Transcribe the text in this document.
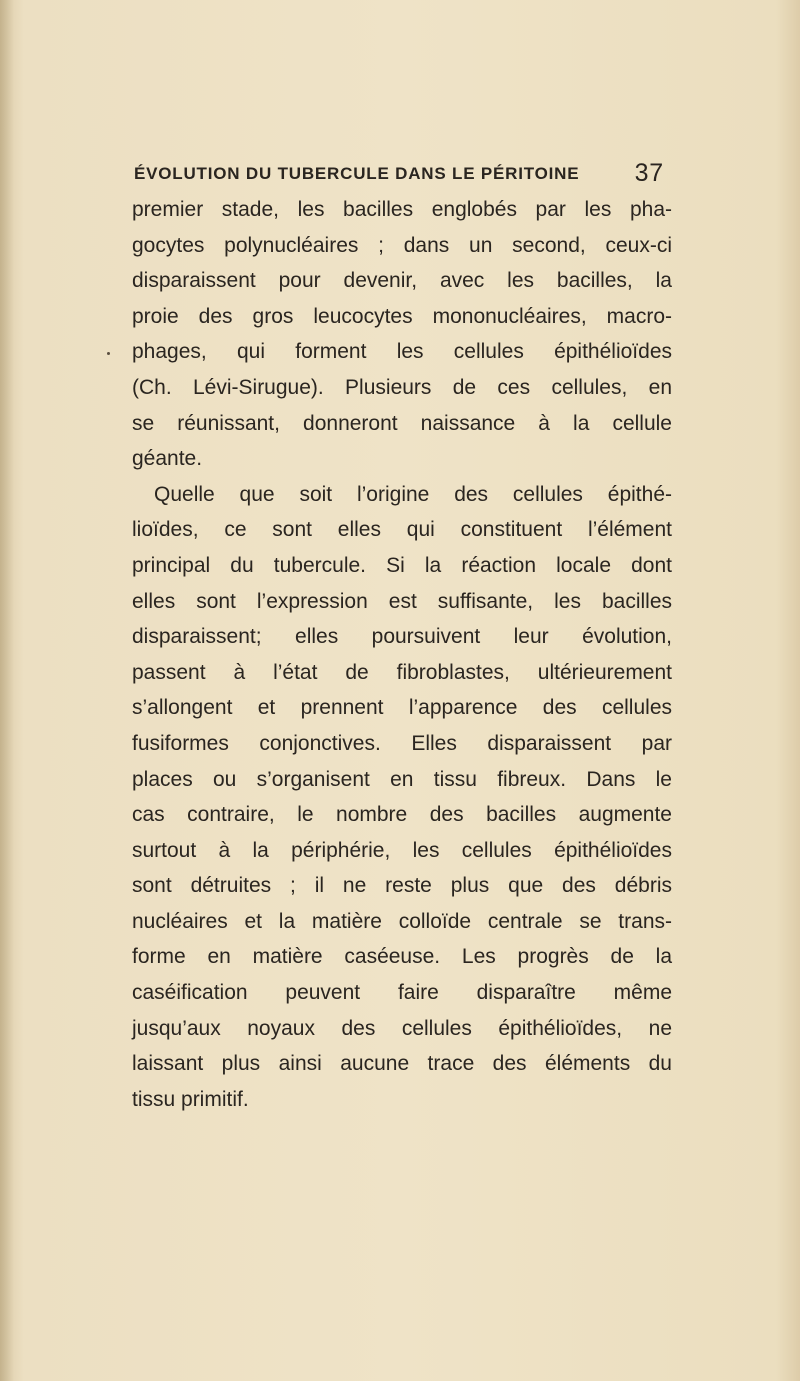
ÉVOLUTION DU TUBERCULE DANS LE PÉRITOINE 37
premier stade, les bacilles englobés par les pha-
gocytes polynucléaires ; dans un second, ceux-ci
disparaissent pour devenir, avec les bacilles, la
proie des gros leucocytes mononucléaires, macro-
phages, qui forment les cellules épithélioïdes
(Ch. Lévi-Sirugue). Plusieurs de ces cellules, en
se réunissant, donneront naissance à la cellule
géante.
Quelle que soit l’origine des cellules épithé-
lioïdes, ce sont elles qui constituent l’élément
principal du tubercule. Si la réaction locale dont
elles sont l’expression est suffisante, les bacilles
disparaissent; elles poursuivent leur évolution,
passent à l’état de fibroblastes, ultérieurement
s’allongent et prennent l’apparence des cellules
fusiformes conjonctives. Elles disparaissent par
places ou s’organisent en tissu fibreux. Dans le
cas contraire, le nombre des bacilles augmente
surtout à la périphérie, les cellules épithélioïdes
sont détruites ; il ne reste plus que des débris
nucléaires et la matière colloïde centrale se trans-
forme en matière caséeuse. Les progrès de la
caséification peuvent faire disparaître même
jusqu’aux noyaux des cellules épithélioïdes, ne
laissant plus ainsi aucune trace des éléments du
tissu primitif.
